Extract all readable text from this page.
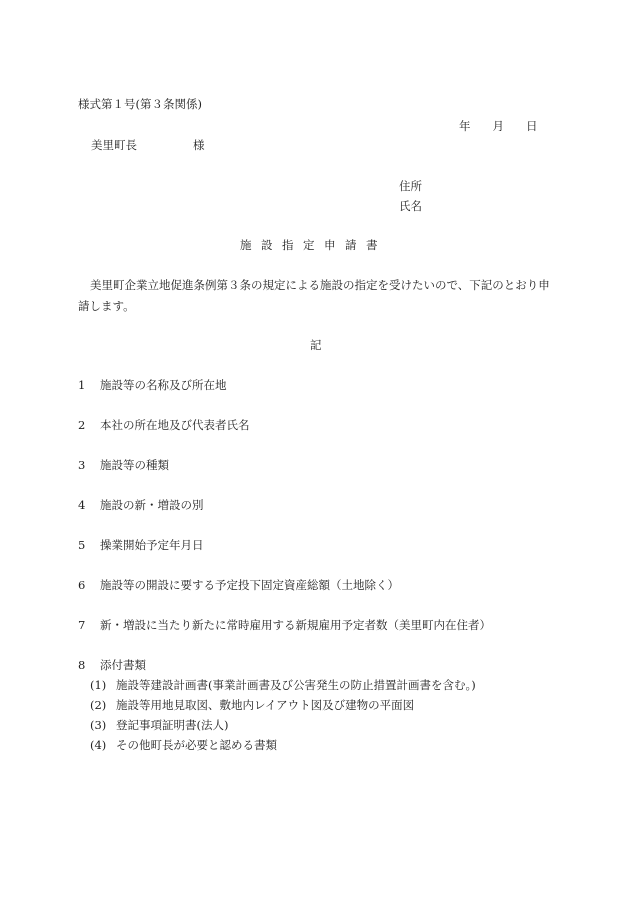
様式第１号(第３条関係)
年 月 日
美里町長	様
住所
氏名
施設指定申請書
美里町企業立地促進条例第３条の規定による施設の指定を受けたいので、下記のとおり申請します。
記
1 施設等の名称及び所在地
2 本社の所在地及び代表者氏名
3 施設等の種類
4 施設の新・増設の別
5 操業開始予定年月日
6 施設等の開設に要する予定投下固定資産総額（土地除く）
7 新・増設に当たり新たに常時雇用する新規雇用予定者数（美里町内在住者）
8 添付書類
(1) 施設等建設計画書(事業計画書及び公害発生の防止措置計画書を含む。)
(2) 施設等用地見取図、敷地内レイアウト図及び建物の平面図
(3) 登記事項証明書(法人)
(4) その他町長が必要と認める書類
